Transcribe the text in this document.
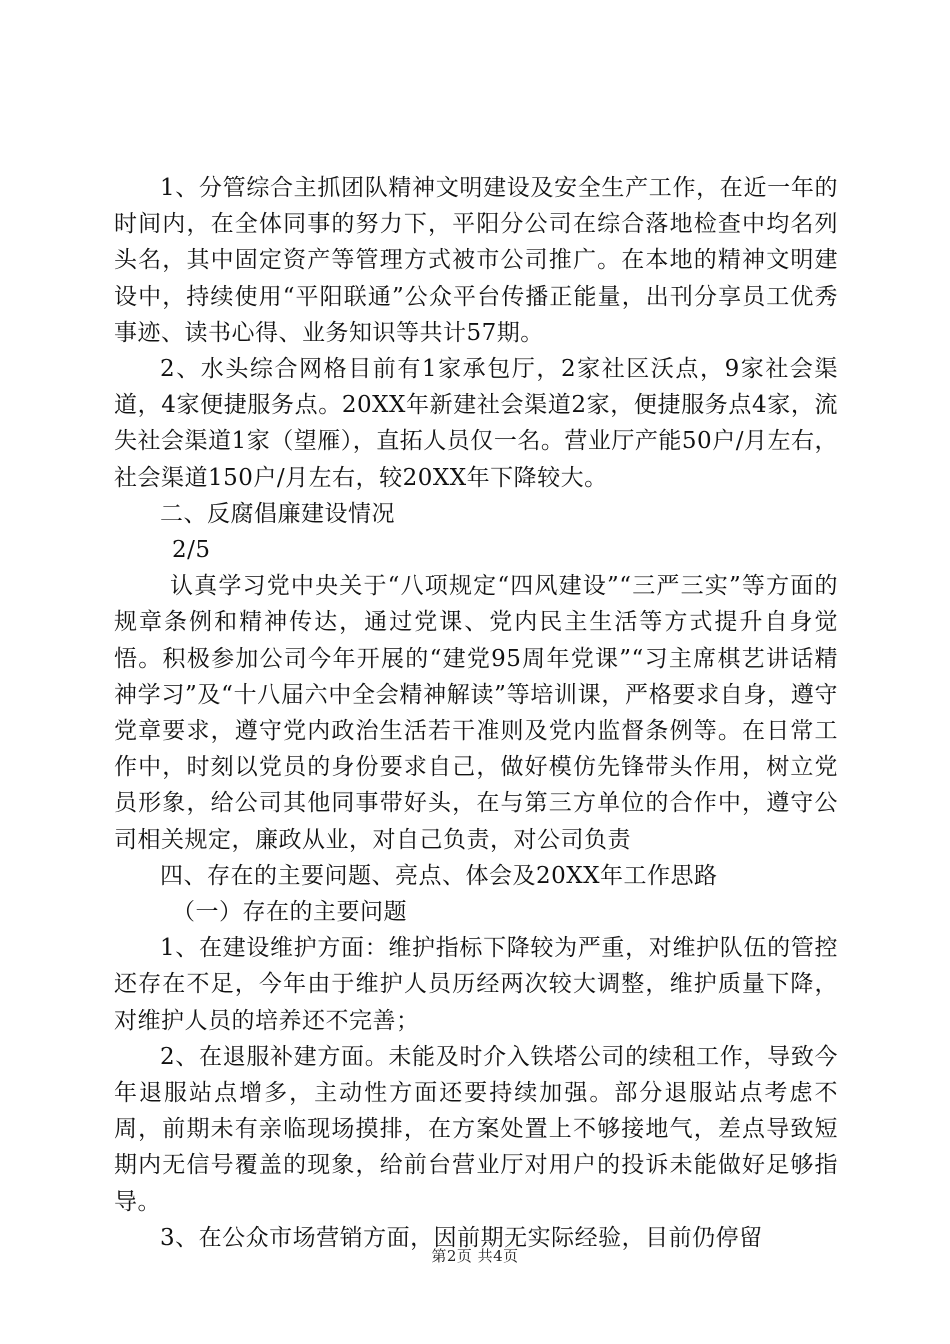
1、分管综合主抓团队精神文明建设及安全生产工作，在近一年的时间内，在全体同事的努力下，平阳分公司在综合落地检查中均名列头名，其中固定资产等管理方式被市公司推广。在本地的精神文明建设中，持续使用“平阳联通”公众平台传播正能量，出刊分享员工优秀事迹、读书心得、业务知识等共计57期。

2、水头综合网格目前有1家承包厅，2家社区沃点，9家社会渠道，4家便捷服务点。20XX年新建社会渠道2家，便捷服务点4家，流失社会渠道1家（望雁），直拓人员仅一名。营业厅产能50户/月左右，社会渠道150户/月左右，较20XX年下降较大。

二、反腐倡廉建设情况

2/5

认真学习党中央关于“八项规定“四风建设”“三严三实”等方面的规章条例和精神传达，通过党课、党内民主生活等方式提升自身觉悟。积极参加公司今年开展的“建党95周年党课”“习主席棋艺讲话精神学习”及“十八届六中全会精神解读”等培训课，严格要求自身，遵守党章要求，遵守党内政治生活若干准则及党内监督条例等。在日常工作中，时刻以党员的身份要求自己，做好模仿先锋带头作用，树立党员形象，给公司其他同事带好头，在与第三方单位的合作中，遵守公司相关规定，廉政从业，对自己负责，对公司负责

四、存在的主要问题、亮点、体会及20XX年工作思路

（一）存在的主要问题

1、在建设维护方面：维护指标下降较为严重，对维护队伍的管控还存在不足，今年由于维护人员历经两次较大调整，维护质量下降，对维护人员的培养还不完善；

2、在退服补建方面。未能及时介入铁塔公司的续租工作，导致今年退服站点增多，主动性方面还要持续加强。部分退服站点考虑不周，前期未有亲临现场摸排，在方案处置上不够接地气，差点导致短期内无信号覆盖的现象，给前台营业厅对用户的投诉未能做好足够指导。

3、在公众市场营销方面，因前期无实际经验，目前仍停留

第2页 共4页
